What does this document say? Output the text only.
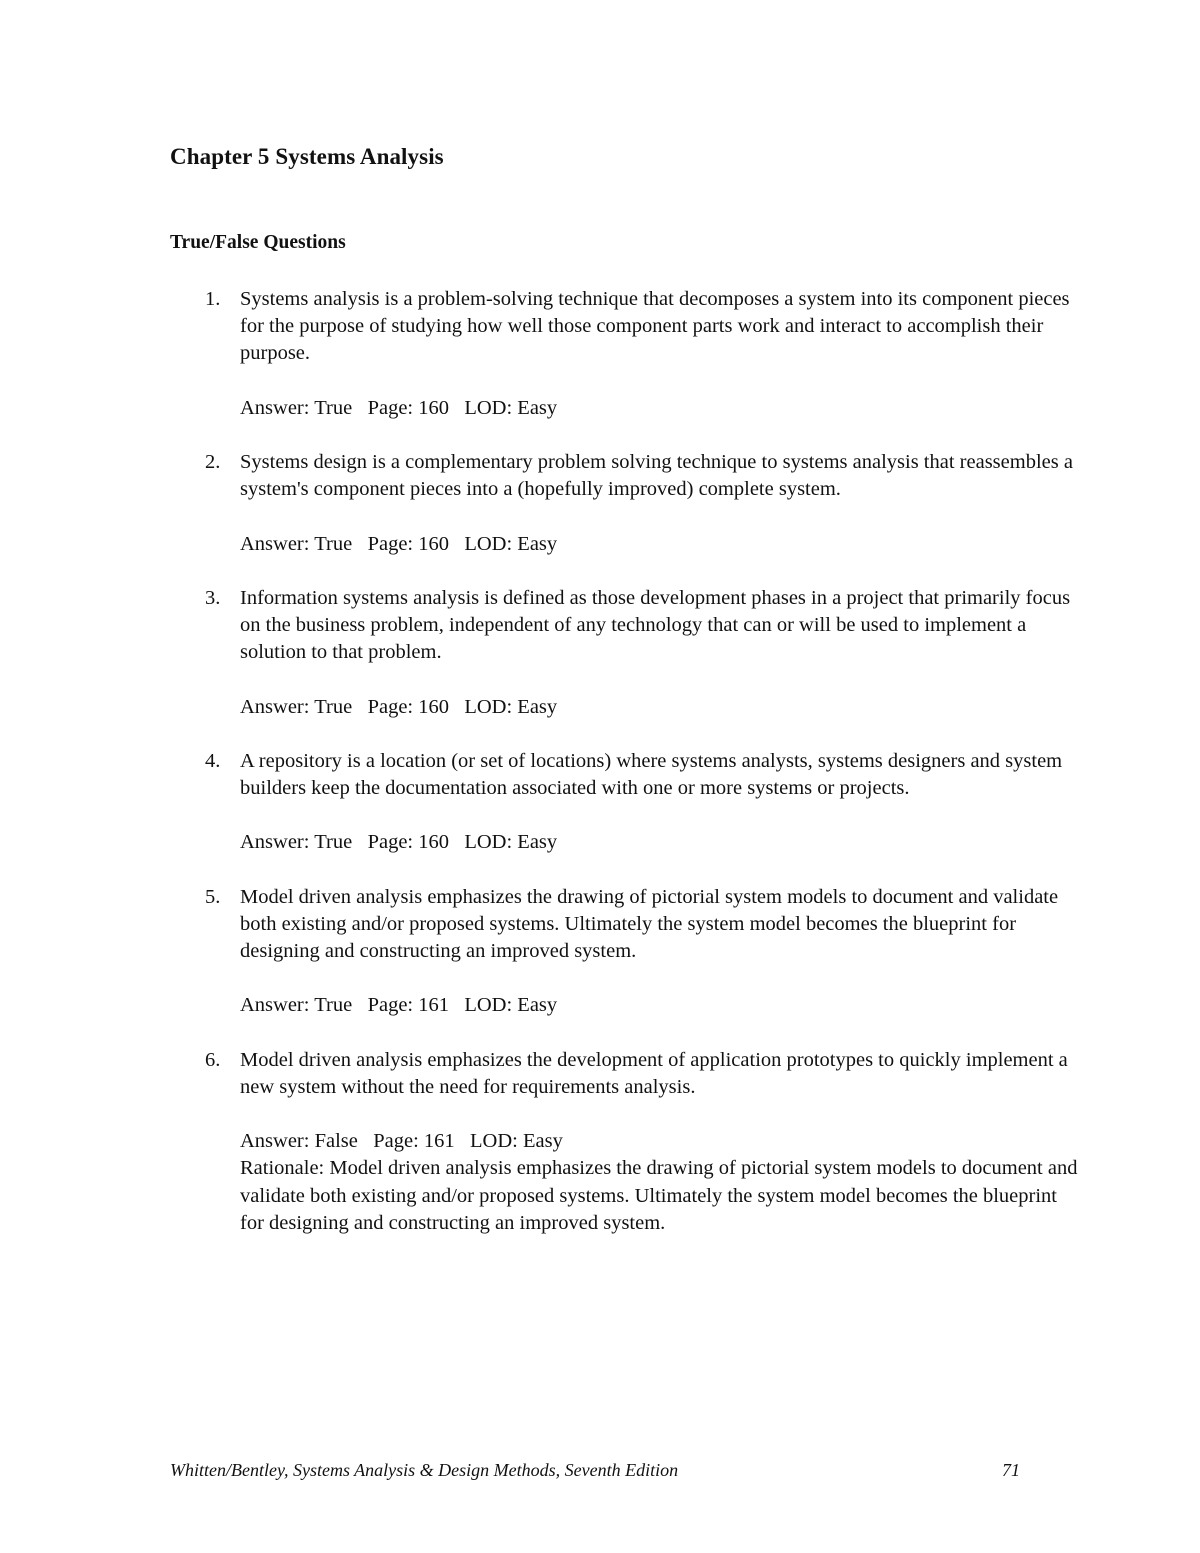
Chapter 5 Systems Analysis
True/False Questions
1. Systems analysis is a problem-solving technique that decomposes a system into its component pieces for the purpose of studying how well those component parts work and interact to accomplish their purpose.
Answer: True   Page: 160   LOD: Easy
2. Systems design is a complementary problem solving technique to systems analysis that reassembles a system's component pieces into a (hopefully improved) complete system.
Answer: True   Page: 160   LOD: Easy
3. Information systems analysis is defined as those development phases in a project that primarily focus on the business problem, independent of any technology that can or will be used to implement a solution to that problem.
Answer: True   Page: 160   LOD: Easy
4. A repository is a location (or set of locations) where systems analysts, systems designers and system builders keep the documentation associated with one or more systems or projects.
Answer: True   Page: 160   LOD: Easy
5. Model driven analysis emphasizes the drawing of pictorial system models to document and validate both existing and/or proposed systems. Ultimately the system model becomes the blueprint for designing and constructing an improved system.
Answer: True   Page: 161   LOD: Easy
6. Model driven analysis emphasizes the development of application prototypes to quickly implement a new system without the need for requirements analysis.
Answer: False   Page: 161   LOD: Easy
Rationale: Model driven analysis emphasizes the drawing of pictorial system models to document and validate both existing and/or proposed systems. Ultimately the system model becomes the blueprint for designing and constructing an improved system.
Whitten/Bentley, Systems Analysis & Design Methods, Seventh Edition	71
